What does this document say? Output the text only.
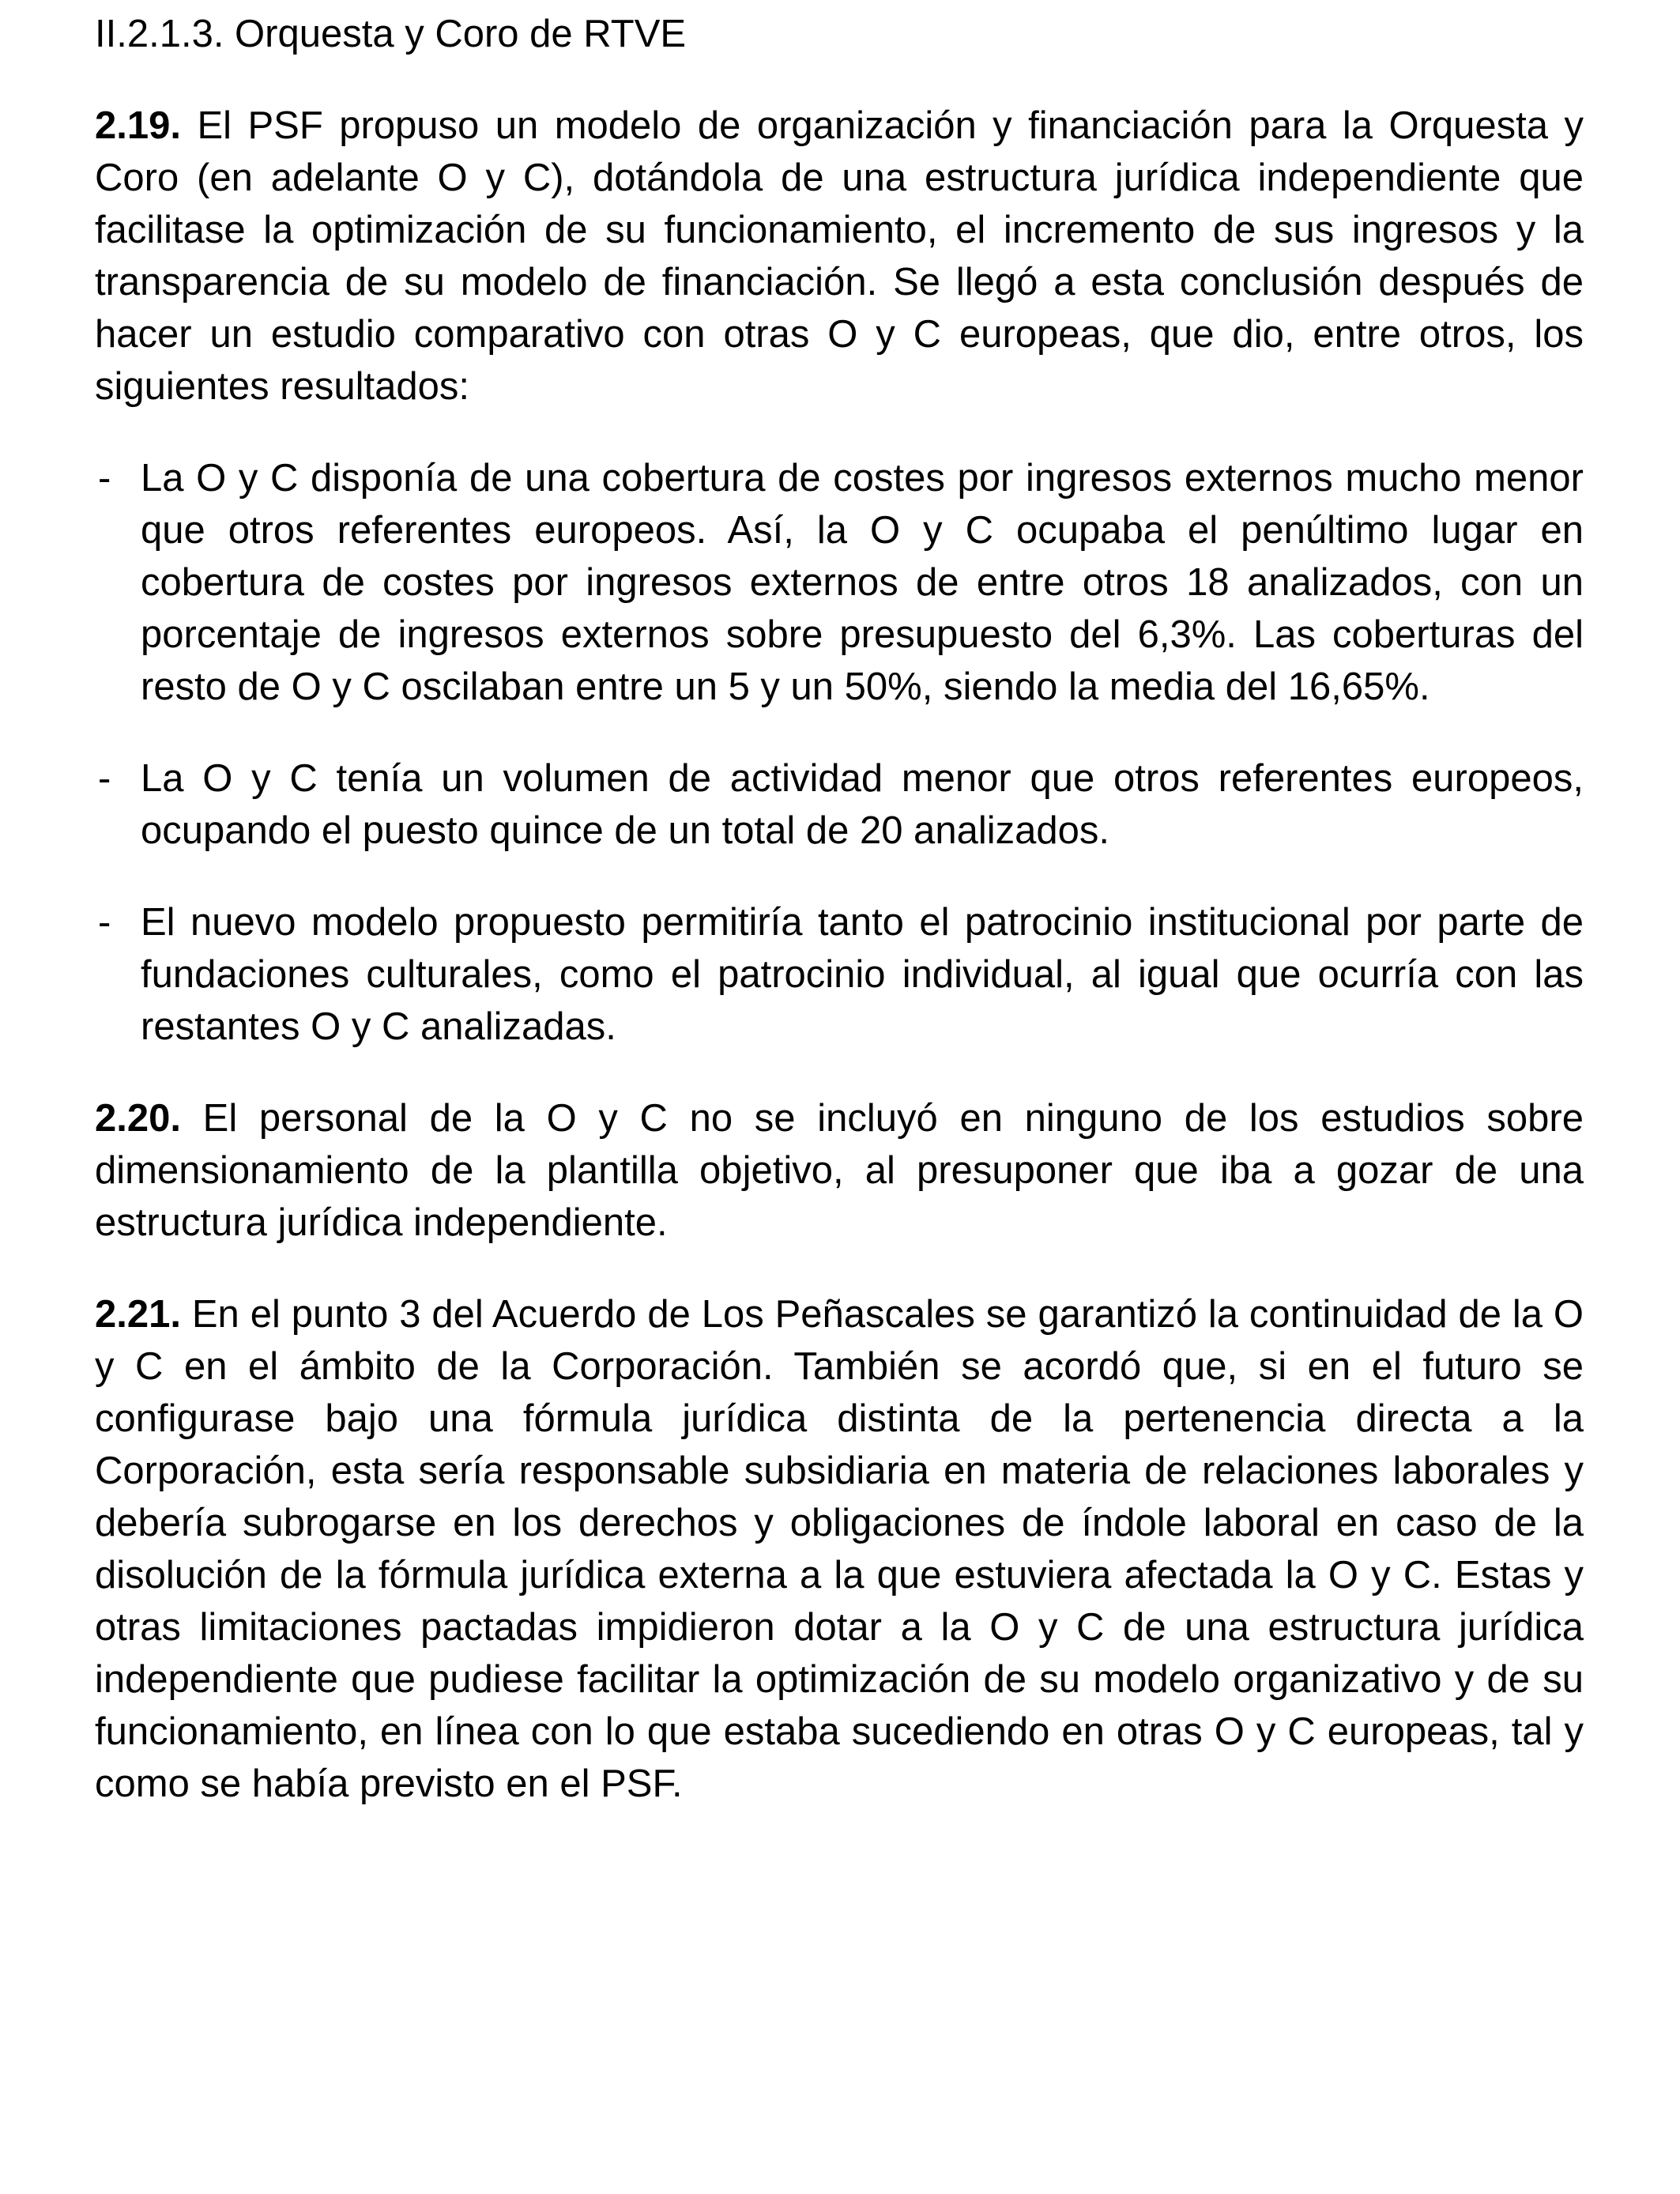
II.2.1.3. Orquesta y Coro de RTVE

2.19. El PSF propuso un modelo de organización y financiación para la Orquesta y Coro (en adelante O y C), dotándola de una estructura jurídica independiente que facilitase la optimización de su funcionamiento, el incremento de sus ingresos y la transparencia de su modelo de financiación. Se llegó a esta conclusión después de hacer un estudio comparativo con otras O y C europeas, que dio, entre otros, los siguientes resultados:

- La O y C disponía de una cobertura de costes por ingresos externos mucho menor que otros referentes europeos. Así, la O y C ocupaba el penúltimo lugar en cobertura de costes por ingresos externos de entre otros 18 analizados, con un porcentaje de ingresos externos sobre presupuesto del 6,3%. Las coberturas del resto de O y C oscilaban entre un 5 y un 50%, siendo la media del 16,65%.
- La O y C tenía un volumen de actividad menor que otros referentes europeos, ocupando el puesto quince de un total de 20 analizados.
- El nuevo modelo propuesto permitiría tanto el patrocinio institucional por parte de fundaciones culturales, como el patrocinio individual, al igual que ocurría con las restantes O y C analizadas.

2.20. El personal de la O y C no se incluyó en ninguno de los estudios sobre dimensionamiento de la plantilla objetivo, al presuponer que iba a gozar de una estructura jurídica independiente.

2.21. En el punto 3 del Acuerdo de Los Peñascales se garantizó la continuidad de la O y C en el ámbito de la Corporación. También se acordó que, si en el futuro se configurase bajo una fórmula jurídica distinta de la pertenencia directa a la Corporación, esta sería responsable subsidiaria en materia de relaciones laborales y debería subrogarse en los derechos y obligaciones de índole laboral en caso de la disolución de la fórmula jurídica externa a la que estuviera afectada la O y C. Estas y otras limitaciones pactadas impidieron dotar a la O y C de una estructura jurídica independiente que pudiese facilitar la optimización de su modelo organizativo y de su funcionamiento, en línea con lo que estaba sucediendo en otras O y C europeas, tal y como se había previsto en el PSF.
